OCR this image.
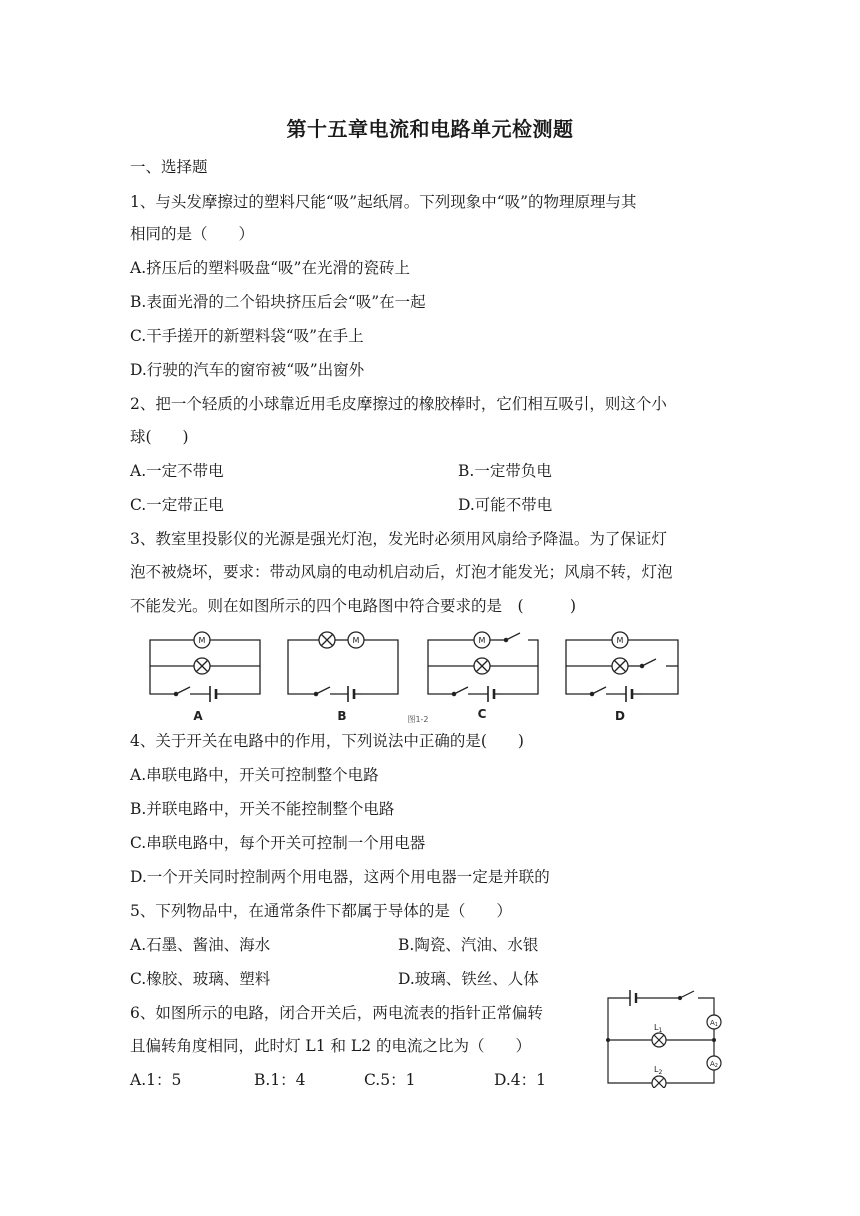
第十五章电流和电路单元检测题
一、选择题
1、与头发摩擦过的塑料尺能“吸”起纸屑。下列现象中“吸”的物理原理与其
相同的是（　　）
A.挤压后的塑料吸盘“吸”在光滑的瓷砖上
B.表面光滑的二个铅块挤压后会“吸”在一起
C.干手搓开的新塑料袋“吸”在手上
D.行驶的汽车的窗帘被“吸”出窗外
2、把一个轻质的小球靠近用毛皮摩擦过的橡胶棒时，它们相互吸引，则这个小
球(　　)
A.一定不带电	B.一定带负电
C.一定带正电	D.可能不带电
3、教室里投影仪的光源是强光灯泡，发光时必须用风扇给予降温。为了保证灯
泡不被烧坏，要求：带动风扇的电动机启动后，灯泡才能发光；风扇不转，灯泡
不能发光。则在如图所示的四个电路图中符合要求的是　(　　　)
M	M	M	M
A	B	C	D
图1-2
4、关于开关在电路中的作用，下列说法中正确的是(　　)
A.串联电路中，开关可控制整个电路
B.并联电路中，开关不能控制整个电路
C.串联电路中，每个开关可控制一个用电器
D.一个开关同时控制两个用电器，这两个用电器一定是并联的
5、下列物品中，在通常条件下都属于导体的是（　　）
A.石墨、酱油、海水	B.陶瓷、汽油、水银
C.橡胶、玻璃、塑料	D.玻璃、铁丝、人体
6、如图所示的电路，闭合开关后，两电流表的指针正常偏转
且偏转角度相同，此时灯 L1 和 L2 的电流之比为（　　）
A.1：5	B.1：4	C.5：1	D.4：1
$L_1$
$L_2$
A1
A2
